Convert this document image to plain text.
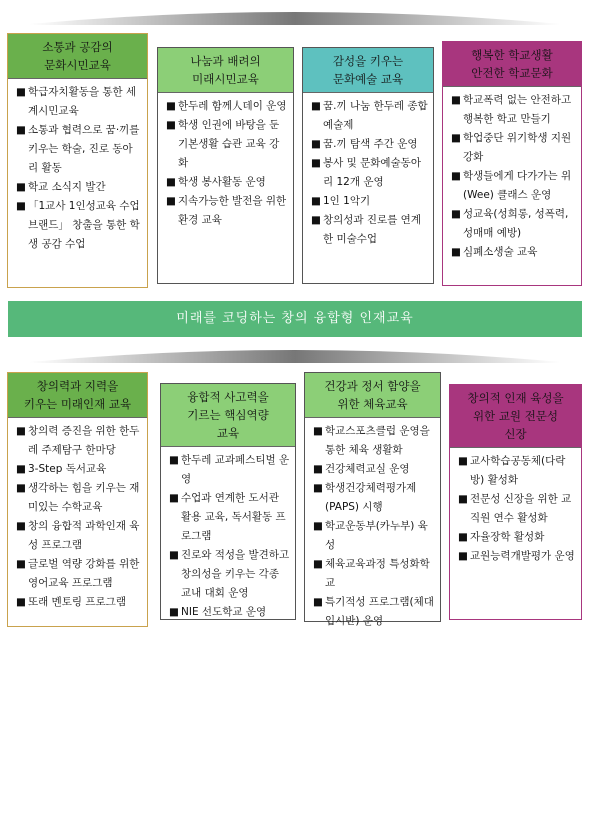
소통과 공감의
문화시민교육
■ 학급자치활동을 통한 세계시민교육
■ 소통과 협력으로 꿈·끼를 키우는 학술, 진로 동아리 활동
■ 학교 소식지 발간
■ 「1교사 1인성교육 수업 브랜드」 창출을 통한 학생 공감 수업
나눔과 배려의
미래시민교육
■ 한두레 함께人데이 운영
■ 학생 인권에 바탕을 둔 기본생활 습관 교육 강화
■ 학생 봉사활동 운영
■ 지속가능한 발전을 위한 환경 교육
감성을 키우는
문화예술 교육
■ 꿈.끼 나눔 한두레 종합예술제
■ 꿈.끼 탐색 주간 운영
■ 봉사 및 문화예술동아리 12개 운영
■ 1인 1악기
■ 창의성과 진로를 연계한 미술수업
행복한 학교생활
안전한 학교문화
■ 학교폭력 없는 안전하고 행복한 학교 만들기
■ 학업중단 위기학생 지원 강화
■ 학생들에게 다가가는 위(Wee) 클래스 운영
■ 성교육(성희롱, 성폭력, 성매매 예방)
■ 심폐소생술 교육
미래를 코딩하는 창의 융합형 인재교육
창의력과 지력을
키우는 미래인재 교육
■ 창의력 증진을 위한 한두레 주제탐구 한마당
■ 3-Step 독서교육
■ 생각하는 힘을 키우는 재미있는 수학교육
■ 창의 융합적 과학인재 육성 프로그램
■ 글로벌 역량 강화를 위한 영어교육 프로그램
■ 또래 멘토링 프로그램
융합적 사고력을
기르는 핵심역량
교육
■ 한두레 교과페스티벌 운영
■ 수업과 연계한 도서관 활용 교육, 독서활동 프로그램
■ 진로와 적성을 발견하고 창의성을 키우는 각종 교내 대회 운영
■ NIE 선도학교 운영
건강과 정서 함양을
위한 체육교육
■ 학교스포츠클럽 운영을 통한 체육 생활화
■ 건강체력교실 운영
■ 학생건강체력평가제(PAPS) 시행
■ 학교운동부(카누부) 육성
■ 체육교육과정 특성화학교
■ 특기적성 프로그램(체대입시반) 운영
창의적 인재 육성을
위한 교원 전문성
신장
■ 교사학습공동체(다락방) 활성화
■ 전문성 신장을 위한 교직원 연수 활성화
■ 자율장학 활성화
■ 교원능력개발평가 운영
